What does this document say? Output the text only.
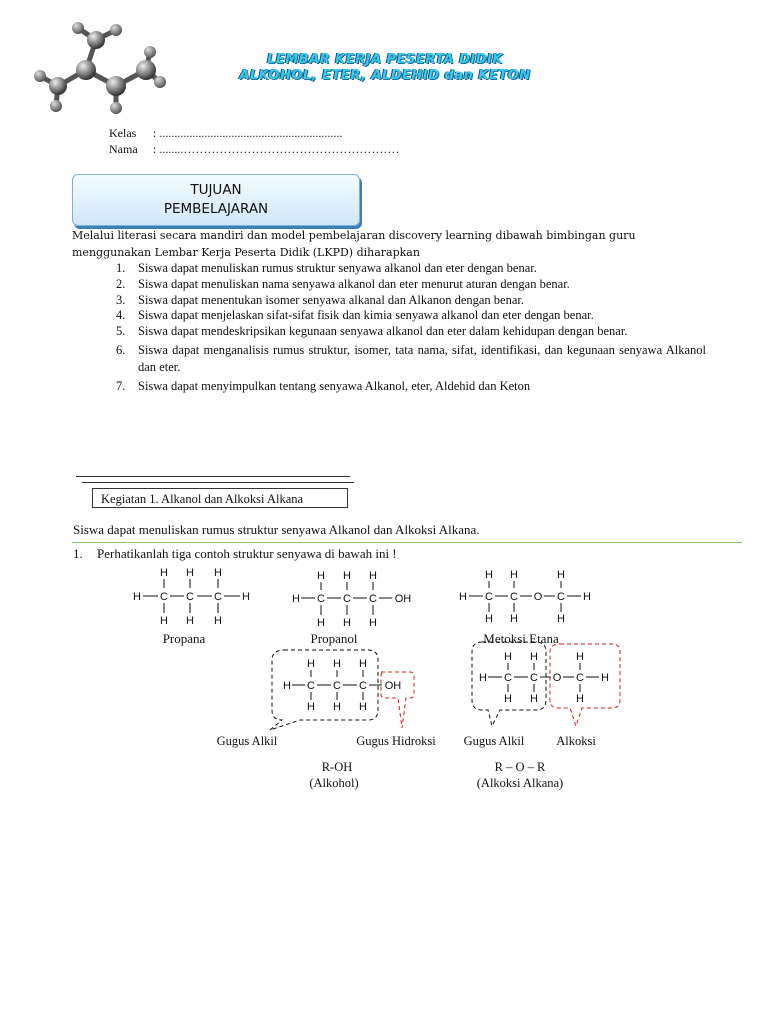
LEMBAR KERJA PESERTA DIDIK
ALKOHOL, ETER, ALDEHID dan KETON
Kelas : .............................................................
Nama : ........………………………………………………
TUJUAN
PEMBELAJARAN
Melalui literasi secara mandiri dan model pembelajaran discovery learning dibawah bimbingan guru menggunakan Lembar Kerja Peserta Didik (LKPD) diharapkan
1.	Siswa dapat menuliskan rumus struktur senyawa alkanol dan eter dengan benar.
2.	Siswa dapat menuliskan nama senyawa alkanol dan eter menurut aturan dengan benar.
3.	Siswa dapat menentukan isomer senyawa alkanal dan Alkanon dengan benar.
4.	Siswa dapat menjelaskan sifat-sifat fisik dan kimia senyawa alkanol dan eter dengan benar.
5.	Siswa dapat mendeskripsikan kegunaan senyawa alkanol dan eter dalam kehidupan dengan benar.
6.	Siswa dapat menganalisis rumus struktur, isomer, tata nama, sifat, identifikasi, dan kegunaan senyawa Alkanol dan eter.
7.	Siswa dapat menyimpulkan tentang senyawa Alkanol, eter, Aldehid dan Keton
Kegiatan 1. Alkanol dan Alkoksi Alkana
Siswa dapat menuliskan rumus struktur senyawa Alkanol dan Alkoksi Alkana.
1. Perhatikanlah tiga contoh struktur senyawa di bawah ini !
H H H
H C C C H
H H H
H H H
H C C C OH
H H H
H H	H
H C C O C H
H H	H
Propana	Propanol	Metoksi Etana
H H H
H C C C OH
H H H
H H	H
H C C O C H
H H	H
Gugus Alkil	Gugus Hidroksi Gugus Alkil	Alkoksi
R-OH
(Alkohol)
R – O – R
(Alkoksi Alkana)
